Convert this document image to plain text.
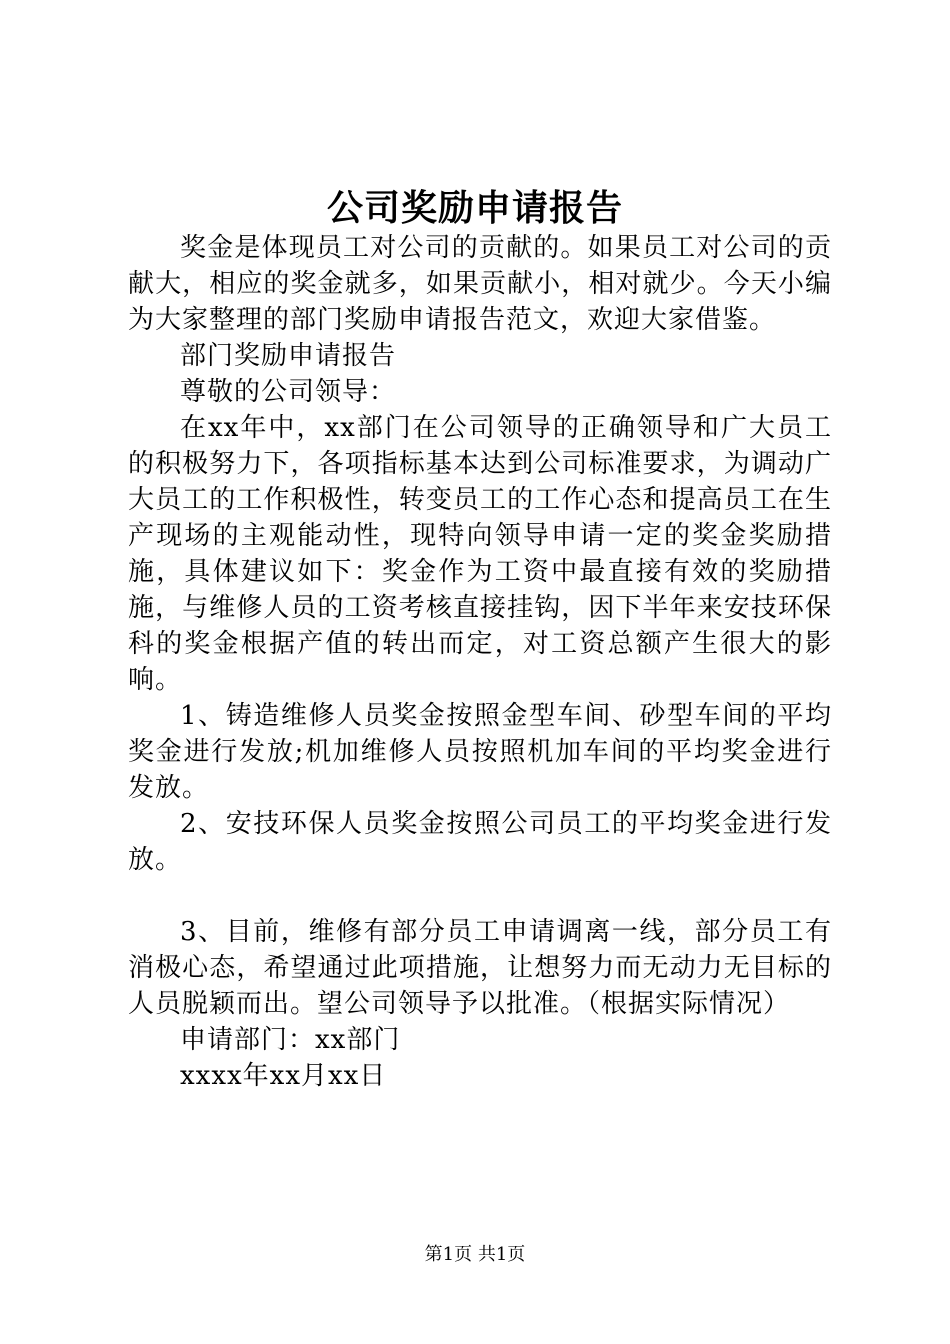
公司奖励申请报告

奖金是体现员工对公司的贡献的。如果员工对公司的贡献大，相应的奖金就多，如果贡献小，相对就少。今天小编为大家整理的部门奖励申请报告范文，欢迎大家借鉴。

部门奖励申请报告

尊敬的公司领导：

在xx年中，xx部门在公司领导的正确领导和广大员工的积极努力下，各项指标基本达到公司标准要求，为调动广大员工的工作积极性，转变员工的工作心态和提高员工在生产现场的主观能动性，现特向领导申请一定的奖金奖励措施，具体建议如下：奖金作为工资中最直接有效的奖励措施，与维修人员的工资考核直接挂钩，因下半年来安技环保科的奖金根据产值的转出而定，对工资总额产生很大的影响。

1、铸造维修人员奖金按照金型车间、砂型车间的平均奖金进行发放;机加维修人员按照机加车间的平均奖金进行发放。

2、安技环保人员奖金按照公司员工的平均奖金进行发放。

3、目前，维修有部分员工申请调离一线，部分员工有消极心态，希望通过此项措施，让想努力而无动力无目标的人员脱颖而出。望公司领导予以批准。（根据实际情况）

申请部门：xx部门

xxxx年xx月xx日

第1页 共1页
